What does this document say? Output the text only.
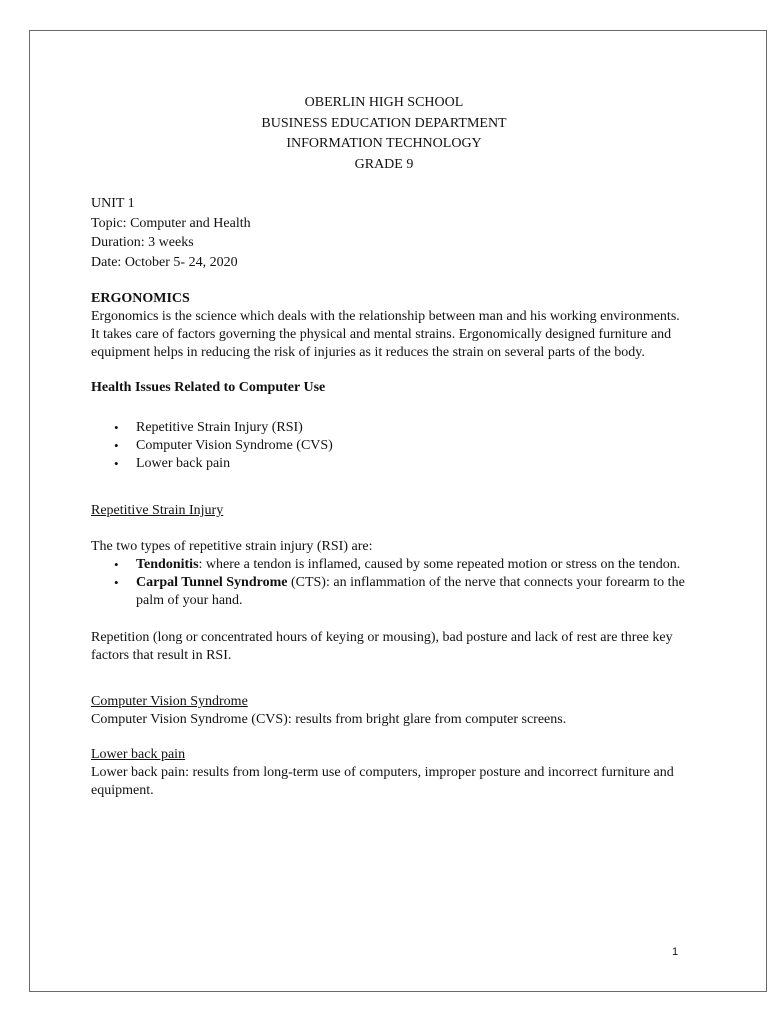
OBERLIN HIGH SCHOOL
BUSINESS EDUCATION DEPARTMENT
INFORMATION TECHNOLOGY
GRADE 9
UNIT 1
Topic: Computer and Health
Duration: 3 weeks
Date: October 5- 24, 2020
ERGONOMICS

Ergonomics is the science which deals with the relationship between man and his working environments. It takes care of factors governing the physical and mental strains. Ergonomically designed furniture and equipment helps in reducing the risk of injuries as it reduces the strain on several parts of the body.

Health Issues Related to Computer Use
• Repetitive Strain Injury (RSI)
• Computer Vision Syndrome (CVS)
• Lower back pain
Repetitive Strain Injury

The two types of repetitive strain injury (RSI) are:

• Tendonitis: where a tendon is inflamed, caused by some repeated motion or stress on the tendon.
• Carpal Tunnel Syndrome (CTS): an inflammation of the nerve that connects your forearm to the palm of your hand.

Repetition (long or concentrated hours of keying or mousing), bad posture and lack of rest are three key factors that result in RSI.

Computer Vision Syndrome

Computer Vision Syndrome (CVS): results from bright glare from computer screens.

Lower back pain

Lower back pain: results from long-term use of computers, improper posture and incorrect furniture and equipment.

1
